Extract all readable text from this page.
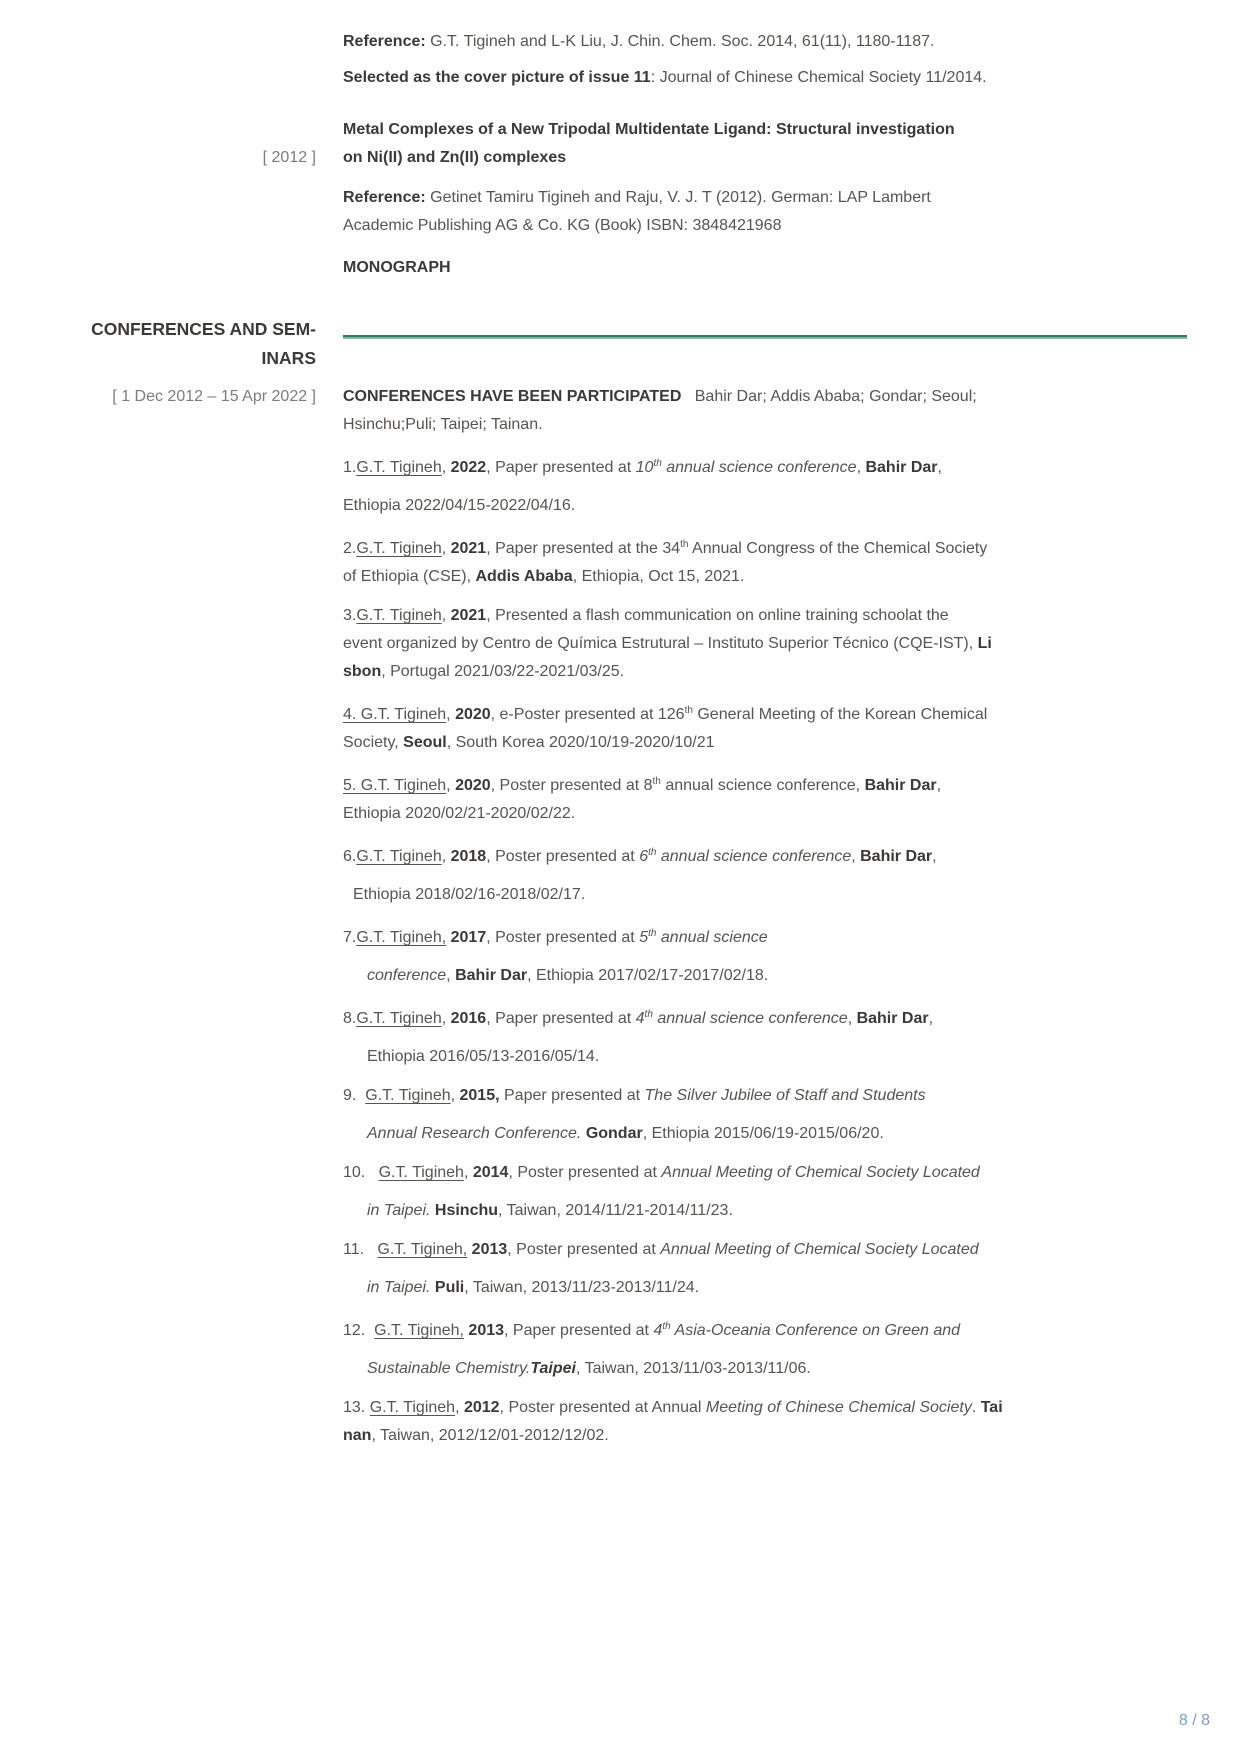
Reference: G.T. Tigineh and L-K Liu, J. Chin. Chem. Soc. 2014, 61(11), 1180-1187.
Selected as the cover picture of issue 11: Journal of Chinese Chemical Society 11/2014.
[ 2012 ]
Metal Complexes of a New Tripodal Multidentate Ligand: Structural investigation
on Ni(II) and Zn(II) complexes
Reference: Getinet Tamiru Tigineh and Raju, V. J. T (2012). German: LAP Lambert
Academic Publishing AG & Co. KG (Book) ISBN: 3848421968
MONOGRAPH
CONFERENCES AND SEM-
INARS
[ 1 Dec 2012 – 15 Apr 2022 ] CONFERENCES HAVE BEEN PARTICIPATED   Bahir Dar; Addis Ababa; Gondar; Seoul;
Hsinchu;Puli; Taipei; Tainan.
1.G.T. Tigineh, 2022, Paper presented at 10th annual science conference, Bahir Dar,
Ethiopia 2022/04/15-2022/04/16.
2.G.T. Tigineh, 2021, Paper presented at the 34th Annual Congress of the Chemical Society
of Ethiopia (CSE), Addis Ababa, Ethiopia, Oct 15, 2021.
3.G.T. Tigineh, 2021, Presented a flash communication on online training schoolat the
event organized by Centro de Química Estrutural – Instituto Superior Técnico (CQE-IST), Li
sbon, Portugal 2021/03/22-2021/03/25.
4. G.T. Tigineh, 2020, e-Poster presented at 126th General Meeting of the Korean Chemical
Society, Seoul, South Korea 2020/10/19-2020/10/21
5. G.T. Tigineh, 2020, Poster presented at 8th annual science conference, Bahir Dar,
Ethiopia 2020/02/21-2020/02/22.
6.G.T. Tigineh, 2018, Poster presented at 6th annual science conference, Bahir Dar,
Ethiopia 2018/02/16-2018/02/17.
7.G.T. Tigineh, 2017, Poster presented at 5th annual science
conference, Bahir Dar, Ethiopia 2017/02/17-2017/02/18.
8.G.T. Tigineh, 2016, Paper presented at 4th annual science conference, Bahir Dar,
Ethiopia 2016/05/13-2016/05/14.
9.  G.T. Tigineh, 2015, Paper presented at The Silver Jubilee of Staff and Students
Annual Research Conference. Gondar, Ethiopia 2015/06/19-2015/06/20.
10.   G.T. Tigineh, 2014, Poster presented at Annual Meeting of Chemical Society Located
in Taipei. Hsinchu, Taiwan, 2014/11/21-2014/11/23.
11.   G.T. Tigineh, 2013, Poster presented at Annual Meeting of Chemical Society Located
in Taipei. Puli, Taiwan, 2013/11/23-2013/11/24.
12.  G.T. Tigineh, 2013, Paper presented at 4th Asia-Oceania Conference on Green and
Sustainable Chemistry.Taipei, Taiwan, 2013/11/03-2013/11/06.
13. G.T. Tigineh, 2012, Poster presented at Annual Meeting of Chinese Chemical Society. Tai
nan, Taiwan, 2012/12/01-2012/12/02.
8 / 8
